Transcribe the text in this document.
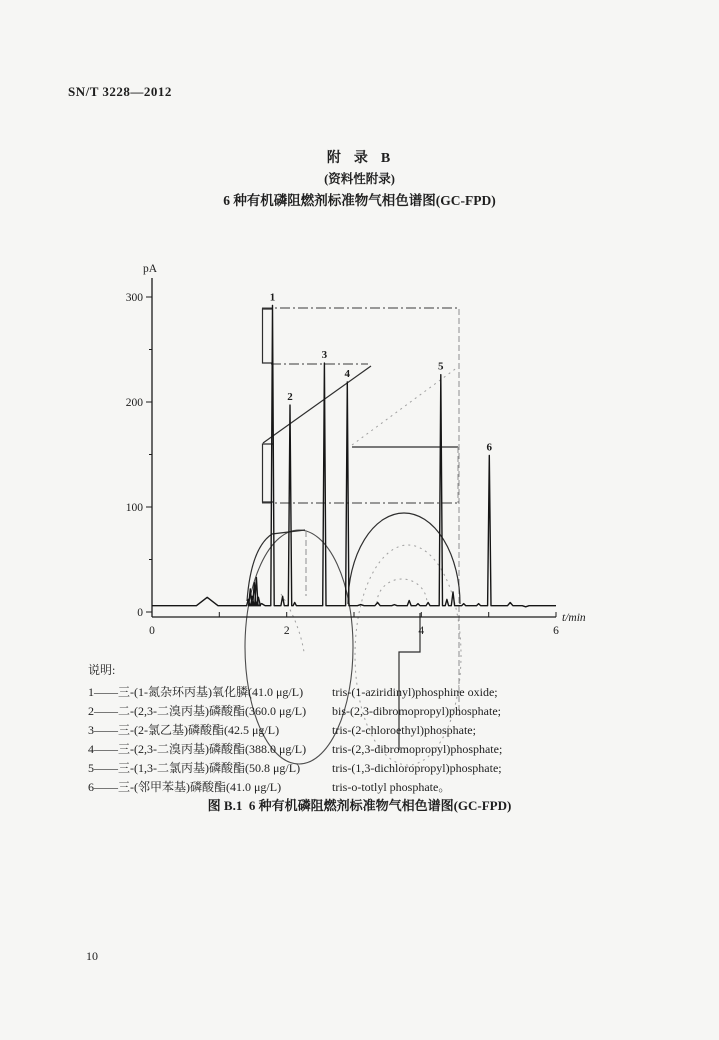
SN/T 3228—2012
附  录  B
(资料性附录)
6 种有机磷阻燃剂标准物气相色谱图(GC-FPD)
300
200
100
0
0	2	4	6
pA
t/min
1
2
3
4
5
6
说明:
1——三-(1-氮杂环丙基)氧化膦(41.0 μg/L)	tris-(1-aziridinyl)phosphine oxide;
2——二-(2,3-二溴丙基)磷酸酯(360.0 μg/L)	bis-(2,3-dibromopropyl)phosphate;
3——三-(2-氯乙基)磷酸酯(42.5 μg/L)	tris-(2-chloroethyl)phosphate;
4——三-(2,3-二溴丙基)磷酸酯(388.0 μg/L)	tris-(2,3-dibromopropyl)phosphate;
5——三-(1,3-二氯丙基)磷酸酯(50.8 μg/L)	tris-(1,3-dichloropropyl)phosphate;
6——三-(邻甲苯基)磷酸酯(41.0 μg/L)	tris-o-totlyl phosphate。
图 B.1  6 种有机磷阻燃剂标准物气相色谱图(GC-FPD)
10
